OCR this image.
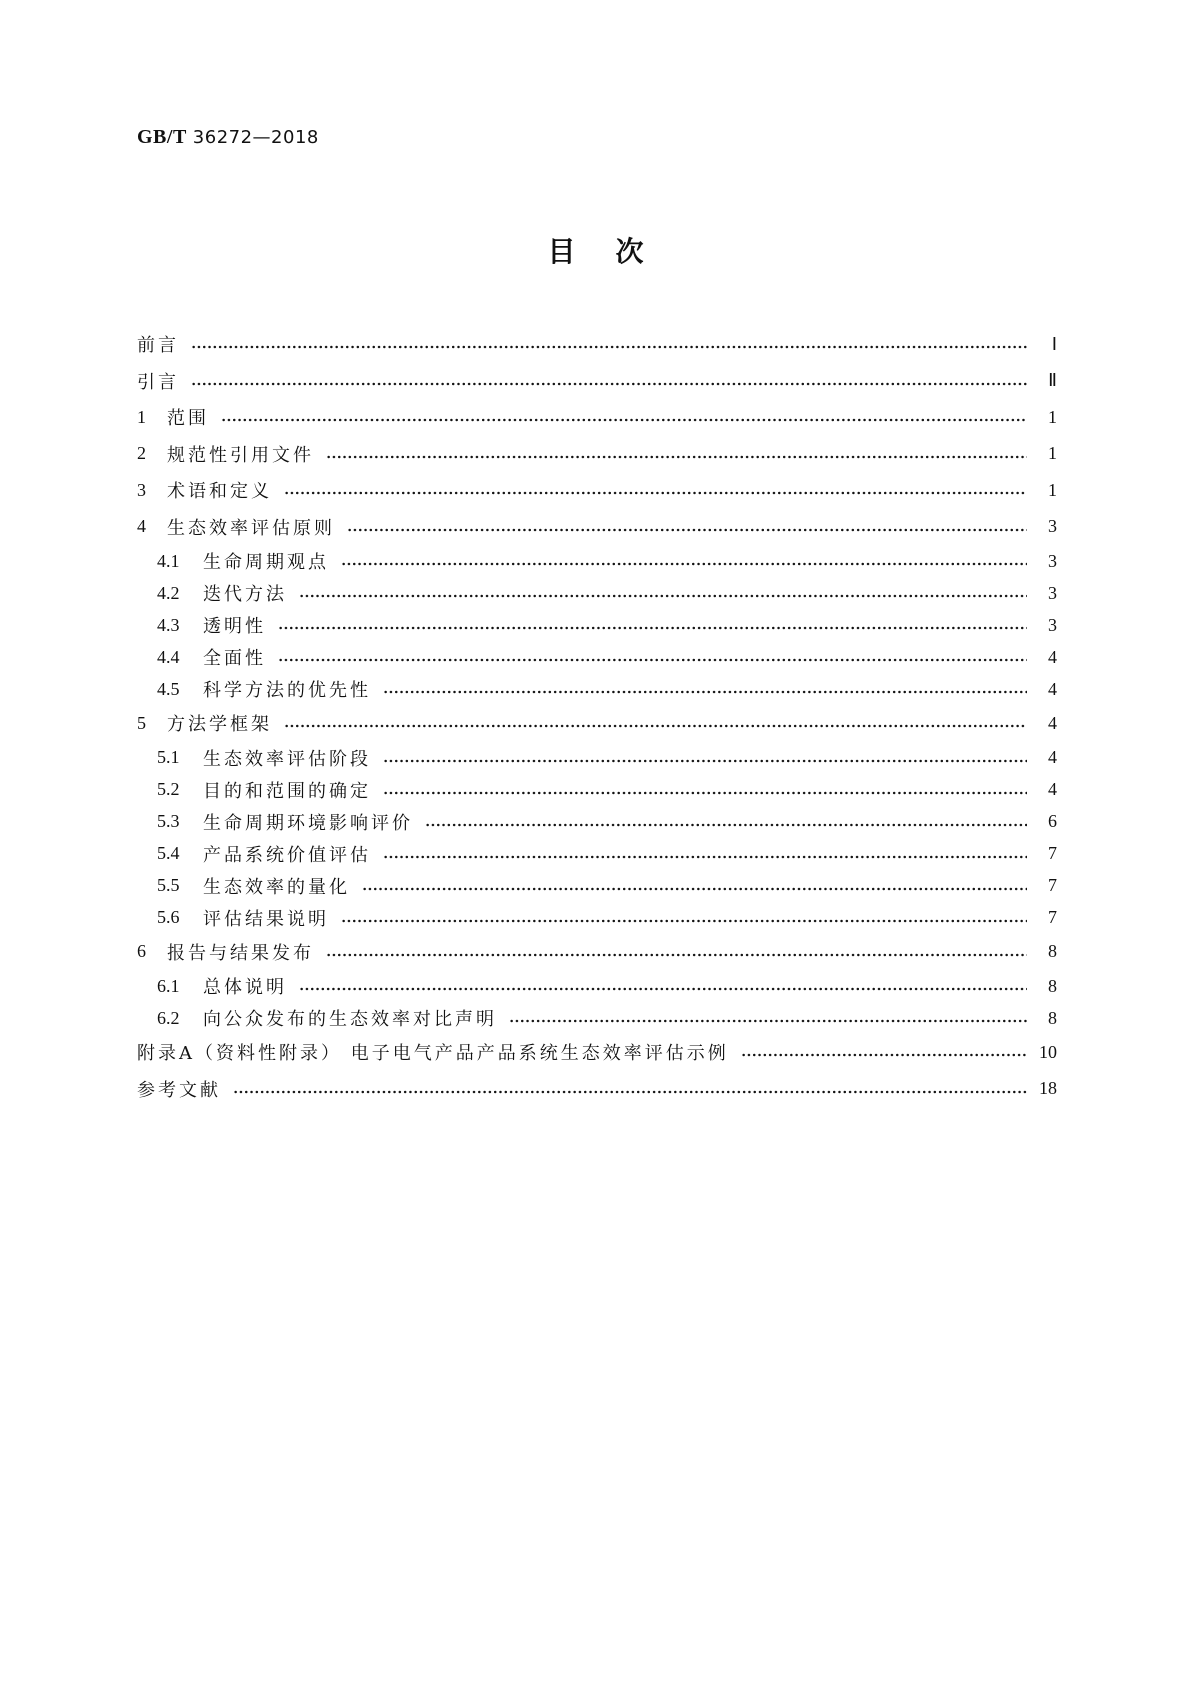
GB/T 36272—2018
目 次
前言	Ⅰ
引言	Ⅱ
1	范围	1
2	规范性引用文件	1
3	术语和定义	1
4	生态效率评估原则	3
4.1	生命周期观点	3
4.2	迭代方法	3
4.3	透明性	3
4.4	全面性	4
4.5	科学方法的优先性	4
5	方法学框架	4
5.1	生态效率评估阶段	4
5.2	目的和范围的确定	4
5.3	生命周期环境影响评价	6
5.4	产品系统价值评估	7
5.5	生态效率的量化	7
5.6	评估结果说明	7
6	报告与结果发布	8
6.1	总体说明	8
6.2	向公众发布的生态效率对比声明	8
附录A（资料性附录） 电子电气产品产品系统生态效率评估示例	10
参考文献	18
